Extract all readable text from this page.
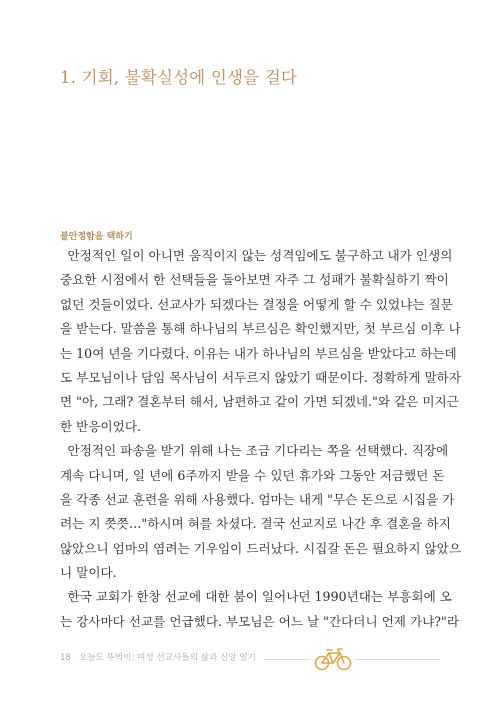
1. 기회, 불확실성에 인생을 걸다
불안정함을 택하기
안정적인 일이 아니면 움직이지 않는 성격임에도 불구하고 내가 인생의
중요한 시점에서 한 선택들을 돌아보면 자주 그 성패가 불확실하기 짝이
없던 것들이었다. 선교사가 되겠다는 결정을 어떻게 할 수 있었냐는 질문
을 받는다. 말씀을 통해 하나님의 부르심은 확인했지만, 첫 부르심 이후 나
는 10여 년을 기다렸다. 이유는 내가 하나님의 부르심을 받았다고 하는데
도 부모님이나 담임 목사님이 서두르지 않았기 때문이다. 정확하게 말하자
면 "아, 그래? 결혼부터 해서, 남편하고 같이 가면 되겠네."와 같은 미지근
한 반응이었다.
안정적인 파송을 받기 위해 나는 조금 기다리는 쪽을 선택했다. 직장에
계속 다니며, 일 년에 6주까지 받을 수 있던 휴가와 그동안 저금했던 돈
을 각종 선교 훈련을 위해 사용했다. 엄마는 내게 "무슨 돈으로 시집을 가
려는 지 쯧쯧…"하시며 혀를 차셨다. 결국 선교지로 나간 후 결혼을 하지
않았으니 엄마의 염려는 기우임이 드러났다. 시집갈 돈은 필요하지 않았으
니 말이다.
한국 교회가 한창 선교에 대한 붐이 일어나던 1990년대는 부흥회에 오
는 강사마다 선교를 언급했다. 부모님은 어느 날 "간다더니 언제 가냐?"라
18 오늘도 뚜벅이: 여성 선교사들의 삶과 신앙 일기
